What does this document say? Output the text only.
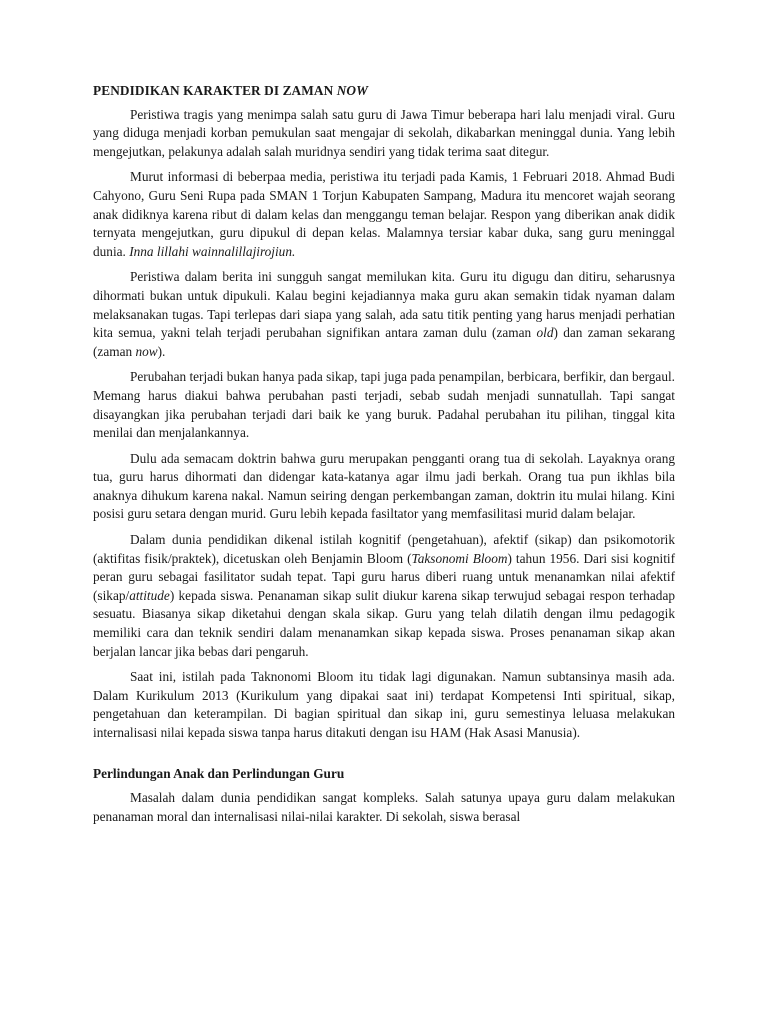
PENDIDIKAN KARAKTER DI ZAMAN NOW
Peristiwa tragis yang menimpa salah satu guru di Jawa Timur beberapa hari lalu menjadi viral. Guru yang diduga menjadi korban pemukulan saat mengajar di sekolah, dikabarkan meninggal dunia. Yang lebih mengejutkan, pelakunya adalah salah muridnya sendiri yang tidak terima saat ditegur.
Murut informasi di beberpaa media, peristiwa itu terjadi pada Kamis, 1 Februari 2018. Ahmad Budi Cahyono, Guru Seni Rupa pada SMAN 1 Torjun Kabupaten Sampang, Madura itu mencoret wajah seorang anak didiknya karena ribut di dalam kelas dan menggangu teman belajar. Respon yang diberikan anak didik ternyata mengejutkan, guru dipukul di depan kelas. Malamnya tersiar kabar duka, sang guru meninggal dunia. Inna lillahi wainnalillajirojiun.
Peristiwa dalam berita ini sungguh sangat memilukan kita. Guru itu digugu dan ditiru, seharusnya dihormati bukan untuk dipukuli. Kalau begini kejadiannya maka guru akan semakin tidak nyaman dalam melaksanakan tugas. Tapi terlepas dari siapa yang salah, ada satu titik penting yang harus menjadi perhatian kita semua, yakni telah terjadi perubahan signifikan antara zaman dulu (zaman old) dan zaman sekarang (zaman now).
Perubahan terjadi bukan hanya pada sikap, tapi juga pada penampilan, berbicara, berfikir, dan bergaul. Memang harus diakui bahwa perubahan pasti terjadi, sebab sudah menjadi sunnatullah. Tapi sangat disayangkan jika perubahan terjadi dari baik ke yang buruk. Padahal perubahan itu pilihan, tinggal kita menilai dan menjalankannya.
Dulu ada semacam doktrin bahwa guru merupakan pengganti orang tua di sekolah. Layaknya orang tua, guru harus dihormati dan didengar kata-katanya agar ilmu jadi berkah. Orang tua pun ikhlas bila anaknya dihukum karena nakal. Namun seiring dengan perkembangan zaman, doktrin itu mulai hilang. Kini posisi guru setara dengan murid. Guru lebih kepada fasiltator yang memfasilitasi murid dalam belajar.
Dalam dunia pendidikan dikenal istilah kognitif (pengetahuan), afektif (sikap) dan psikomotorik (aktifitas fisik/praktek), dicetuskan oleh Benjamin Bloom (Taksonomi Bloom) tahun 1956. Dari sisi kognitif peran guru sebagai fasilitator sudah tepat. Tapi guru harus diberi ruang untuk menanamkan nilai afektif (sikap/attitude) kepada siswa. Penanaman sikap sulit diukur karena sikap terwujud sebagai respon terhadap sesuatu. Biasanya sikap diketahui dengan skala sikap. Guru yang telah dilatih dengan ilmu pedagogik memiliki cara dan teknik sendiri dalam menanamkan sikap kepada siswa. Proses penanaman sikap akan berjalan lancar jika bebas dari pengaruh.
Saat ini, istilah pada Taknonomi Bloom itu tidak lagi digunakan. Namun subtansinya masih ada. Dalam Kurikulum 2013 (Kurikulum yang dipakai saat ini) terdapat Kompetensi Inti spiritual, sikap, pengetahuan dan keterampilan. Di bagian spiritual dan sikap ini, guru semestinya leluasa melakukan internalisasi nilai kepada siswa tanpa harus ditakuti dengan isu HAM (Hak Asasi Manusia).
Perlindungan Anak dan Perlindungan Guru
Masalah dalam dunia pendidikan sangat kompleks. Salah satunya upaya guru dalam melakukan penanaman moral dan internalisasi nilai-nilai karakter. Di sekolah, siswa berasal
